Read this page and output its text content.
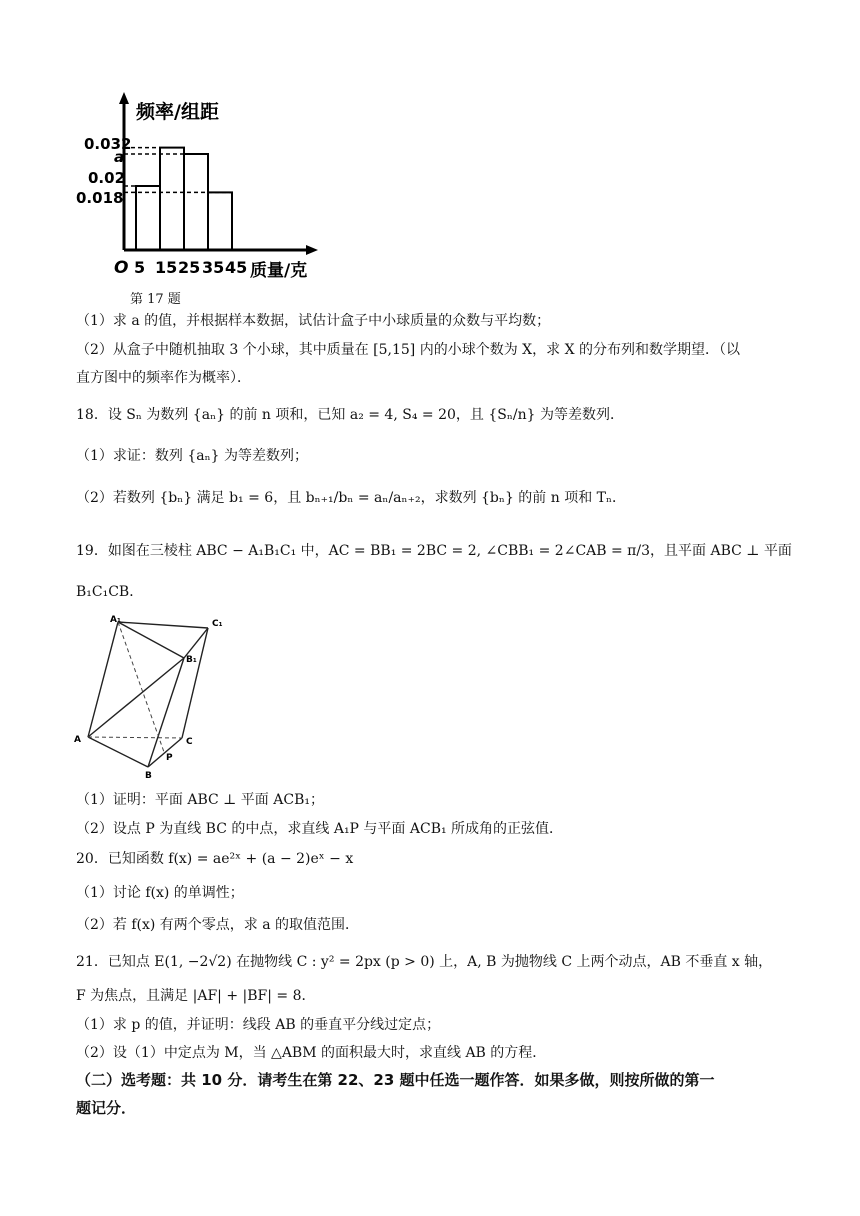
频率/组距
0.032
a
0.02
0.018
O 5 15 25 35 45 质量/克
第 17 题
（1）求 a 的值，并根据样本数据，试估计盒子中小球质量的众数与平均数；
（2）从盒子中随机抽取 3 个小球，其中质量在 [5,15] 内的小球个数为 X，求 X 的分布列和数学期望．（以
直方图中的频率作为概率）．
18．设 Sₙ 为数列 {aₙ} 的前 n 项和，已知 a₂ = 4, S₄ = 20，且 {Sₙ/n} 为等差数列．
（1）求证：数列 {aₙ} 为等差数列；
（2）若数列 {bₙ} 满足 b₁ = 6，且 bₙ₊₁/bₙ = aₙ/aₙ₊₂，求数列 {bₙ} 的前 n 项和 Tₙ．
19．如图在三棱柱 ABC − A₁B₁C₁ 中，AC = BB₁ = 2BC = 2, ∠CBB₁ = 2∠CAB = π/3，且平面 ABC ⊥ 平面
B₁C₁CB．
A₁	C₁
B₁
A	C
P
B
（1）证明：平面 ABC ⊥ 平面 ACB₁；
（2）设点 P 为直线 BC 的中点，求直线 A₁P 与平面 ACB₁ 所成角的正弦值．
20．已知函数 f(x) = ae²ˣ + (a − 2)eˣ − x
（1）讨论 f(x) 的单调性；
（2）若 f(x) 有两个零点，求 a 的取值范围．
21．已知点 E(1, −2√2) 在抛物线 C : y² = 2px (p > 0) 上，A, B 为抛物线 C 上两个动点，AB 不垂直 x 轴，
F 为焦点，且满足 |AF| + |BF| = 8．
（1）求 p 的值，并证明：线段 AB 的垂直平分线过定点；
（2）设（1）中定点为 M，当 △ABM 的面积最大时，求直线 AB 的方程．
（二）选考题：共 10 分．请考生在第 22、23 题中任选一题作答．如果多做，则按所做的第一
题记分．
